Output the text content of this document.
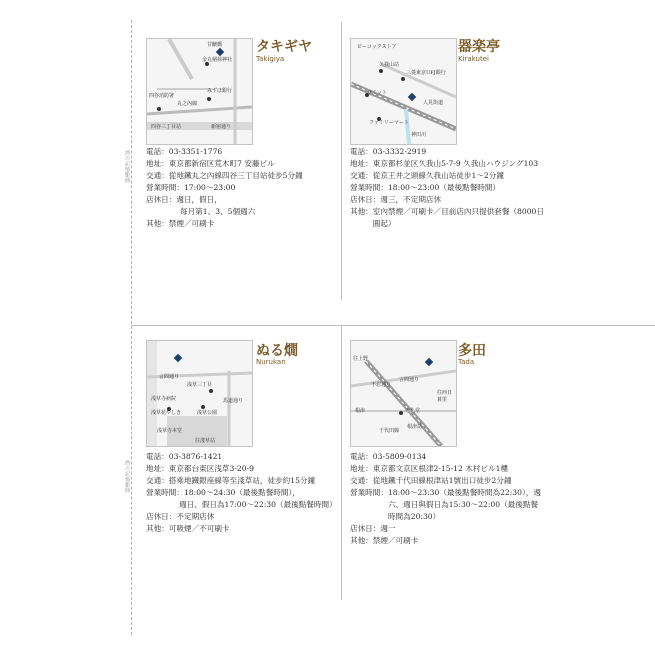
酒の記憶鮨圓
酒の記憶鮨圓
甘醸橋
金丸稲荷神社
四谷消防署
丸之內線
みずほ銀行
四谷三丁目站	新宿通り
タキギヤ
Takigiya
電話： 03-3351-1776
地址： 東京都新宿区荒木町7 安藤ビル
交通： 從地鐵丸之內線四谷三丁目站徒步5分鐘
營業時間： 17:00～23:00
店休日： 週日，假日，
每月第1、3、5個週六
其他： 禁煙／可刷卡
ピーコックストア
久我山站
三菱東京UFJ銀行
サミット
人見街道
ファミリーマート
神田川
器楽亭
Kirakutei
電話： 03-3332-2919
地址： 東京都杉並区久我山5-7-9 久我山ハウジング103
交通： 從京王井之頭線久我山站徒步1～2分鐘
營業時間： 18:00～23:00（最後點餐時間）
店休日： 週三，不定期店休
其他： 室內禁煙／可刷卡／目前店內只提供套餐（8000日圓起）
言問通り
浅草三丁目
浅草寺病院
浅草花やしき
浅草寺本堂
浅草公園
馬道通り
往淺草站
ぬる燗
Nurukan
電話： 03-3876-1421
地址： 東京都台東区浅草3-20-9
交通： 搭乘地鐵銀座線等至淺草站，徒步約15分鐘
營業時間： 18:00～24:30（最後點餐時間），
週日、假日為17:00～22:30（最後點餐時間）
店休日： 不定期店休
其他： 可吸煙／不可刷卡
往上野
不忍通り
言問通り
根津	赤札堂
根津站
千代田線
往西日暮里
多田
Tada
電話： 03-5809-0134
地址： 東京都文京区根津2-15-12 木村ビル1樓
交通： 從地鐵千代田線根津站1號出口徒步2分鐘
營業時間： 18:00～23:30（最後點餐時間為22:30），週六、週日與假日為15:30～22:00（最後點餐時間為20:30）
店休日： 週一
其他： 禁煙／可刷卡
